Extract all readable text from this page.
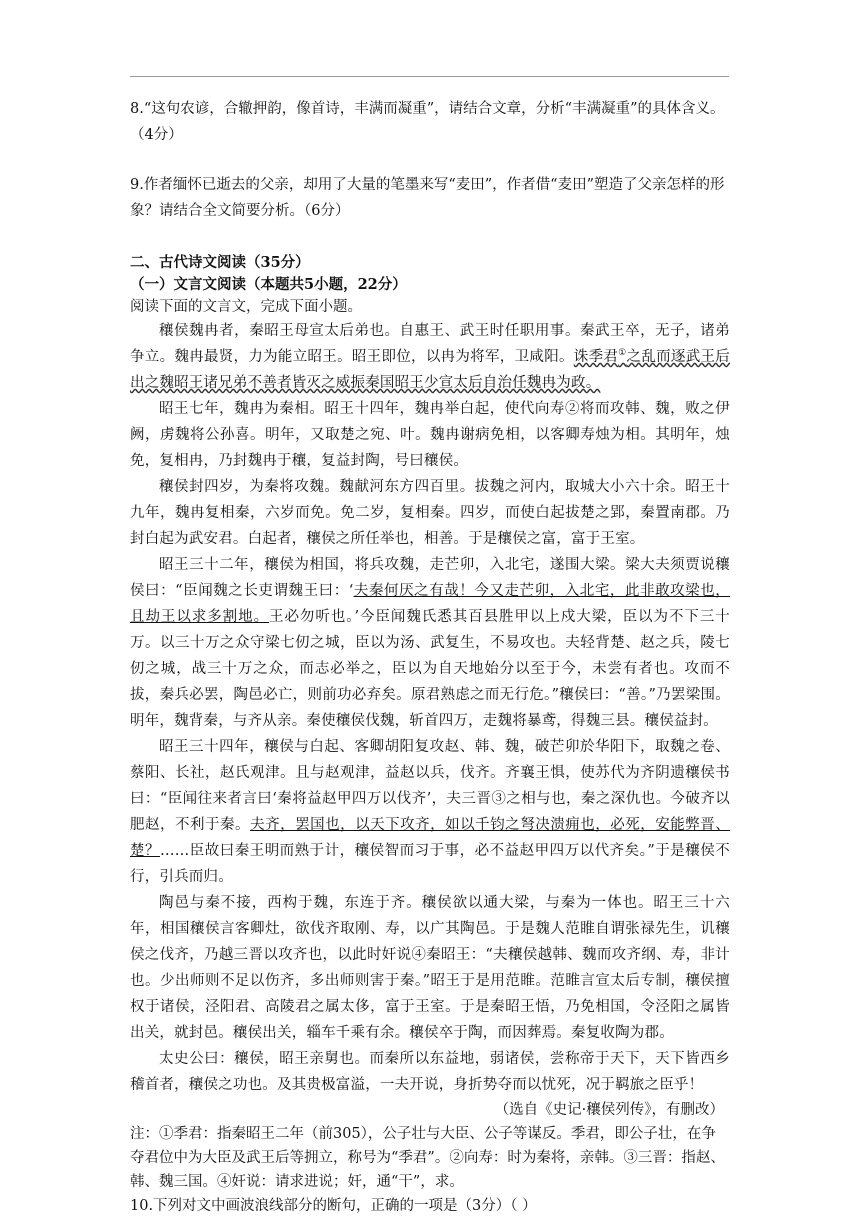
8.“这句农谚，合辙押韵，像首诗，丰满而凝重”，请结合文章，分析“丰满凝重”的具体含义。（4分）

9.作者缅怀已逝去的父亲，却用了大量的笔墨来写“麦田”，作者借“麦田”塑造了父亲怎样的形象？请结合全文简要分析。（6分）

二、古代诗文阅读（35分）

（一）文言文阅读（本题共5小题，22分）

阅读下面的文言文，完成下面小题。

穰侯魏冉者，秦昭王母宣太后弟也。自惠王、武王时任职用事。秦武王卒，无子，诸弟争立。魏冉最贤，力为能立昭王。昭王即位，以冉为将军，卫咸阳。诛季君①之乱而逐武王后出之魏昭王诸兄弟不善者皆灭之威振秦国昭王少宣太后自治任魏冉为政。

昭王七年，魏冉为秦相。昭王十四年，魏冉举白起，使代向寿②将而攻韩、魏，败之伊阙，虏魏将公孙喜。明年，又取楚之宛、叶。魏冉谢病免相，以客卿寿烛为相。其明年，烛免，复相冉，乃封魏冉于穰，复益封陶，号曰穰侯。

穰侯封四岁，为秦将攻魏。魏献河东方四百里。拔魏之河内，取城大小六十余。昭王十九年，魏冉复相秦，六岁而免。免二岁，复相秦。四岁，而使白起拔楚之郢，秦置南郡。乃封白起为武安君。白起者，穰侯之所任举也，相善。于是穰侯之富，富于王室。

昭王三十二年，穰侯为相国，将兵攻魏，走芒卯，入北宅，遂围大梁。梁大夫须贾说穰侯曰：“臣闻魏之长吏谓魏王曰：‘夫秦何厌之有哉！今又走芒卯，入北宅，此非敢攻梁也，且劫王以求多割地。王必勿听也。’今臣闻魏氏悉其百县胜甲以上戍大梁，臣以为不下三十万。以三十万之众守梁七仞之城，臣以为汤、武复生，不易攻也。夫轻背楚、赵之兵，陵七仞之城，战三十万之众，而志必举之，臣以为自天地始分以至于今，未尝有者也。攻而不拔，秦兵必罢，陶邑必亡，则前功必弃矣。原君熟虑之而无行危。”穰侯曰：“善。”乃罢梁围。明年，魏背秦，与齐从亲。秦使穰侯伐魏，斩首四万，走魏将暴鸢，得魏三县。穰侯益封。

昭王三十四年，穰侯与白起、客卿胡阳复攻赵、韩、魏，破芒卯於华阳下，取魏之卷、蔡阳、长社，赵氏观津。且与赵观津，益赵以兵，伐齐。齐襄王惧，使苏代为齐阴遗穰侯书曰：“臣闻往来者言曰‘秦将益赵甲四万以伐齐’，夫三晋③之相与也，秦之深仇也。今破齐以肥赵，不利于秦。夫齐，罢国也，以天下攻齐，如以千钧之弩决溃痈也，必死，安能弊晋、楚？……臣故曰秦王明而熟于计，穰侯智而习于事，必不益赵甲四万以代齐矣。”于是穰侯不行，引兵而归。

陶邑与秦不接，西构于魏，东连于齐。穰侯欲以通大梁，与秦为一体也。昭王三十六年，相国穰侯言客卿灶，欲伐齐取刚、寿，以广其陶邑。于是魏人范睢自谓张禄先生，讥穰侯之伐齐，乃越三晋以攻齐也，以此时奸说④秦昭王：“夫穰侯越韩、魏而攻齐纲、寿，非计也。少出师则不足以伤齐，多出师则害于秦。”昭王于是用范睢。范睢言宣太后专制，穰侯擅权于诸侯，泾阳君、高陵君之属太侈，富于王室。于是秦昭王悟，乃免相国，令泾阳之属皆出关，就封邑。穰侯出关，辎车千乘有余。穰侯卒于陶，而因葬焉。秦复收陶为郡。

太史公曰：穰侯，昭王亲舅也。而秦所以东益地，弱诸侯，尝称帝于天下，天下皆西乡稽首者，穰侯之功也。及其贵极富溢，一夫开说，身折势夺而以忧死，况于羁旅之臣乎！

（选自《史记·穰侯列传》，有删改）

注：①季君：指秦昭王二年（前305），公子壮与大臣、公子等谋反。季君，即公子壮，在争夺君位中为大臣及武王后等拥立，称号为“季君”。②向寿：时为秦将，亲韩。③三晋：指赵、韩、魏三国。④奸说：请求进说；奸，通“干”，求。

10.下列对文中画波浪线部分的断句，正确的一项是（3分）（ ）
